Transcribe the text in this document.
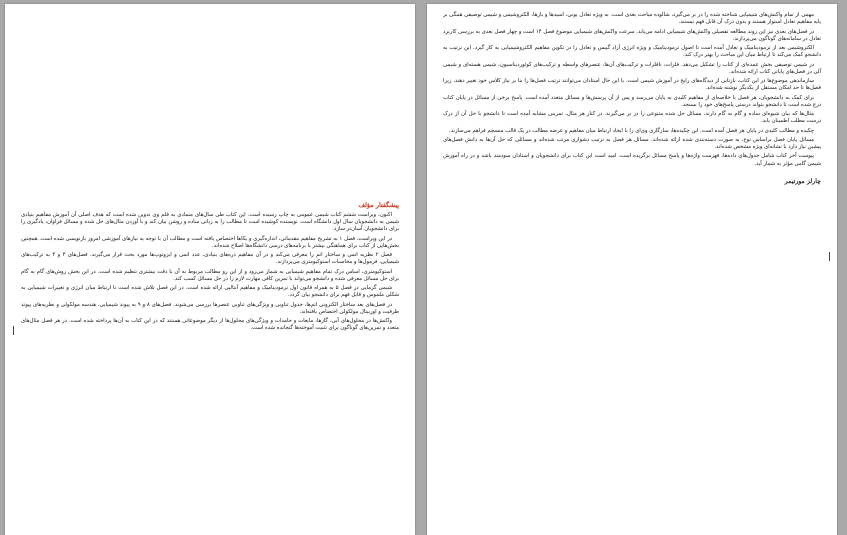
پیشگفتار مؤلف

اکنون، ویراست ششم کتاب شیمی عمومی به چاپ رسیده است. این کتاب طی سال‌های متمادی به قلم وی تدوین شده است که هدف اصلی آن آموزش مفاهیم بنیادی شیمی به دانشجویان سال اول دانشگاه است. نویسنده کوشیده است تا مطالب را به زبانی ساده و روشن بیان کند و با آوردن مثال‌های حل شده و مسائل فراوان، یادگیری را برای دانشجویان آسان‌تر سازد.

در این ویراست، فصل ۱ به تشریح مفاهیم مقدماتی، اندازه‌گیری و یکاها اختصاص یافته است و مطالب آن با توجه به نیازهای آموزشی امروز بازنویسی شده است. همچنین بخش‌هایی از کتاب برای هماهنگی بیشتر با برنامه‌های درسی دانشگاه‌ها اصلاح شده‌اند.

فصل ۲ نظریه اتمی و ساختار اتم را معرفی می‌کند و در آن مفاهیم ذره‌های بنیادی، عدد اتمی و ایزوتوپ‌ها مورد بحث قرار می‌گیرند. فصل‌های ۳ و ۴ به ترکیب‌های شیمیایی، فرمول‌ها و محاسبات استوکیومتری می‌پردازند.

استوکیومتری، اساس درک تمام مفاهیم شیمیایی به شمار می‌رود و از این رو مطالب مربوط به آن با دقت بیشتری تنظیم شده است. در این بخش روش‌های گام به گام برای حل مسائل معرفی شده و دانشجو می‌تواند با تمرین کافی مهارت لازم را در حل مسائل کسب کند.

شیمی گرمایی در فصل ۵ به همراه قانون اول ترمودینامیک و مفاهیم آنتالپی ارائه شده است. در این فصل تلاش شده است تا ارتباط میان انرژی و تغییرات شیمیایی به شکلی ملموس و قابل فهم برای دانشجو بیان گردد.

در فصل‌های بعد ساختار الکترونی اتم‌ها، جدول تناوبی و ویژگی‌های تناوبی عنصرها بررسی می‌شوند. فصل‌های ۸ و ۹ به پیوند شیمیایی، هندسه مولکولی و نظریه‌های پیوند ظرفیت و اوربیتال مولکولی اختصاص یافته‌اند.

واکنش‌ها در محلول‌های آبی، گازها، مایعات و جامدات و ویژگی‌های محلول‌ها از دیگر موضوعاتی هستند که در این کتاب به آن‌ها پرداخته شده است. در هر فصل مثال‌های متعدد و تمرین‌های گوناگون برای تثبیت آموخته‌ها گنجانده شده است.

مهمی از تمام واکنش‌های شیمیایی شناخته شده را در بر می‌گیرد، شالوده مباحث بعدی است. به ویژه تعادل یونی، اسیدها و بازها، الکتروشیمی و شیمی توصیفی همگی بر پایه مفاهیم تعادل استوار هستند و بدون درک آن قابل فهم نیستند.

در فصل‌های بعدی نیز این روند مطالعه تفصیلی واکنش‌های شیمیایی ادامه می‌یابد. سرعت واکنش‌های شیمیایی موضوع فصل ۱۴ است و چهار فصل بعدی به بررسی کاربرد تعادل در سامانه‌های گوناگون می‌پردازند.

الکتروشیمی بعد از ترمودینامیک و تعادل آمده است تا اصول ترمودینامیک و ویژه انرژی آزاد گیبس و تعادل را در تکوین مفاهیم الکتروشیمیایی به کار گیرد. این ترتیب به دانشجو کمک می‌کند تا ارتباط میان این مباحث را بهتر درک کند.

در شیمی توصیفی بخش عمده‌ای از کتاب را تشکیل می‌دهد. فلزات، نافلزات و ترکیب‌های آن‌ها، عنصرهای واسطه و ترکیب‌های کوئوردیناسیون، شیمی هسته‌ای و شیمی آلی در فصل‌های پایانی کتاب ارائه شده‌اند.

سازماندهی موضوع‌ها در این کتاب، بازتابی از دیدگاه‌های رایج در آموزش شیمی است. با این حال استادان می‌توانند ترتیب فصل‌ها را بنا بر نیاز کلاس خود تغییر دهند، زیرا فصل‌ها تا حد امکان مستقل از یکدیگر نوشته شده‌اند.

برای کمک به دانشجویان، هر فصل با خلاصه‌ای از مفاهیم کلیدی به پایان می‌رسد و پس از آن پرسش‌ها و مسائل متعدد آمده است. پاسخ برخی از مسائل در پایان کتاب درج شده است تا دانشجو بتواند درستی پاسخ‌های خود را بسنجد.

مثال‌ها که بیان شیوه‌ای ساده و گام به گام دارند، مسائل حل شده متنوعی را در بر می‌گیرند. در کنار هر مثال، تمرینی مشابه آمده است تا دانشجو با حل آن از درک درست مطلب اطمینان یابد.

چکیده و مطالب کلیدی در پایان هر فصل آمده است. این چکیده‌ها، سازگاری وی‌ای را با ایجاد ارتباط میان مفاهیم و عرضه مطالب در یک قالب منسجم فراهم می‌سازند.

مسائل پایان فصل براساس نوع، به صورت دسته‌بندی شده ارائه شده‌اند. مسائل هر فصل به ترتیب دشواری مرتب شده‌اند و مسائلی که حل آن‌ها به دانش فصل‌های پیشین نیاز دارد با نشانه‌ای ویژه مشخص شده‌اند.

پیوست آخر کتاب شامل جدول‌های داده‌ها، فهرست واژه‌ها و پاسخ مسائل برگزیده است. امید است این کتاب برای دانشجویان و استادان سودمند باشد و در راه آموزش شیمی گامی مؤثر به شمار آید.

چارلز مورتیمر
